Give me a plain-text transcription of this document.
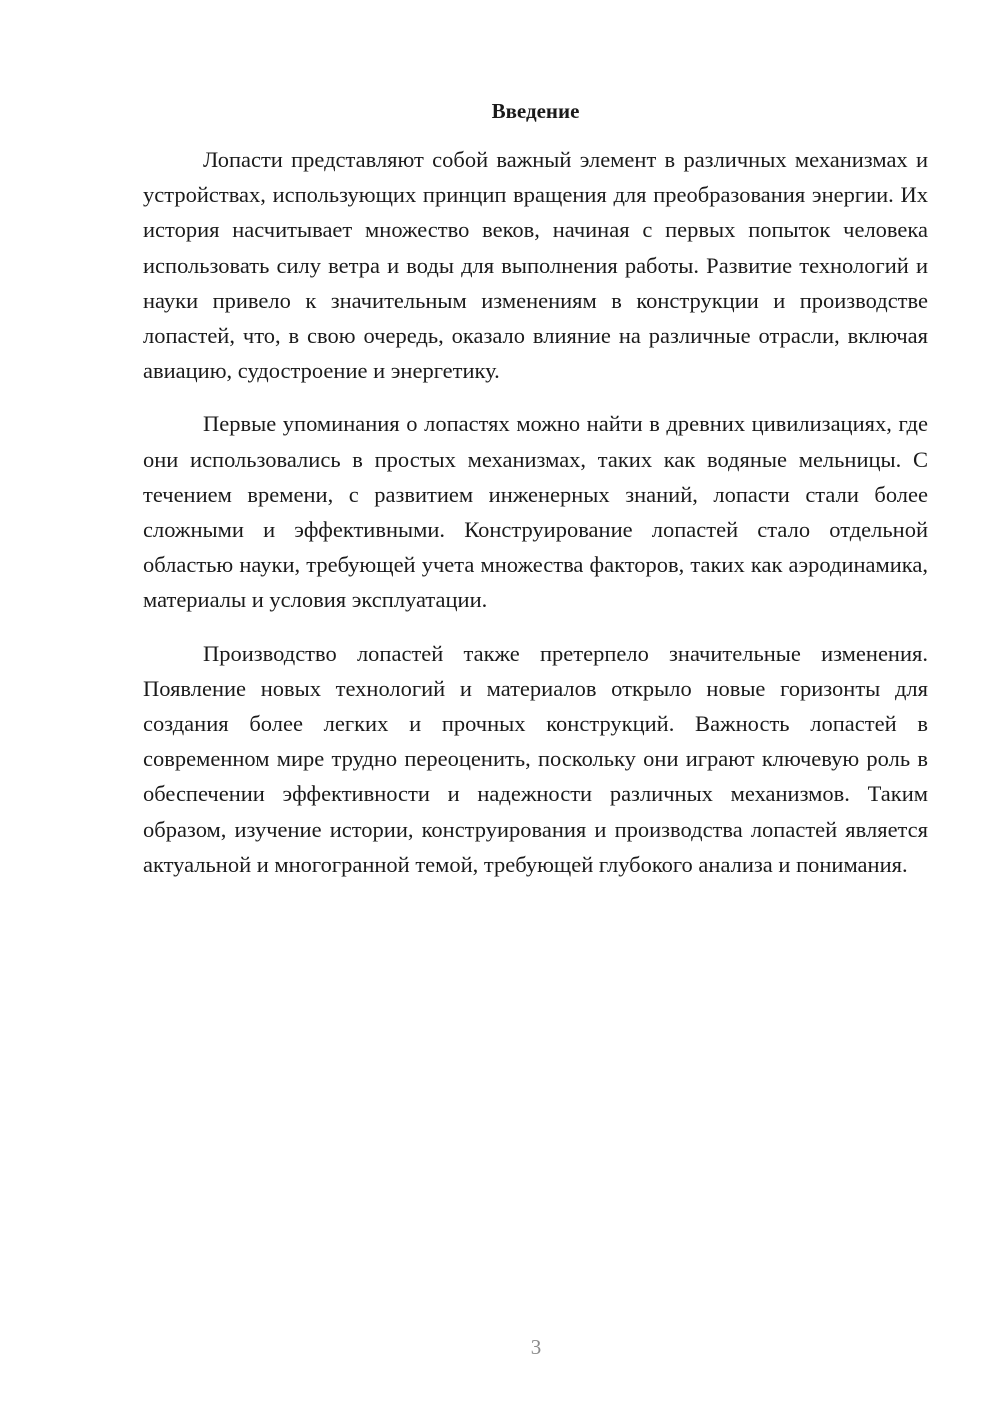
Введение

Лопасти представляют собой важный элемент в различных механизмах и устройствах, использующих принцип вращения для преобразования энергии. Их история насчитывает множество веков, начиная с первых попыток человека использовать силу ветра и воды для выполнения работы. Развитие технологий и науки привело к значительным изменениям в конструкции и производстве лопастей, что, в свою очередь, оказало влияние на различные отрасли, включая авиацию, судостроение и энергетику.

Первые упоминания о лопастях можно найти в древних цивилизациях, где они использовались в простых механизмах, таких как водяные мельницы. С течением времени, с развитием инженерных знаний, лопасти стали более сложными и эффективными. Конструирование лопастей стало отдельной областью науки, требующей учета множества факторов, таких как аэродинамика, материалы и условия эксплуатации.

Производство лопастей также претерпело значительные изменения. Появление новых технологий и материалов открыло новые горизонты для создания более легких и прочных конструкций. Важность лопастей в современном мире трудно переоценить, поскольку они играют ключевую роль в обеспечении эффективности и надежности различных механизмов. Таким образом, изучение истории, конструирования и производства лопастей является актуальной и многогранной темой, требующей глубокого анализа и понимания.

3
